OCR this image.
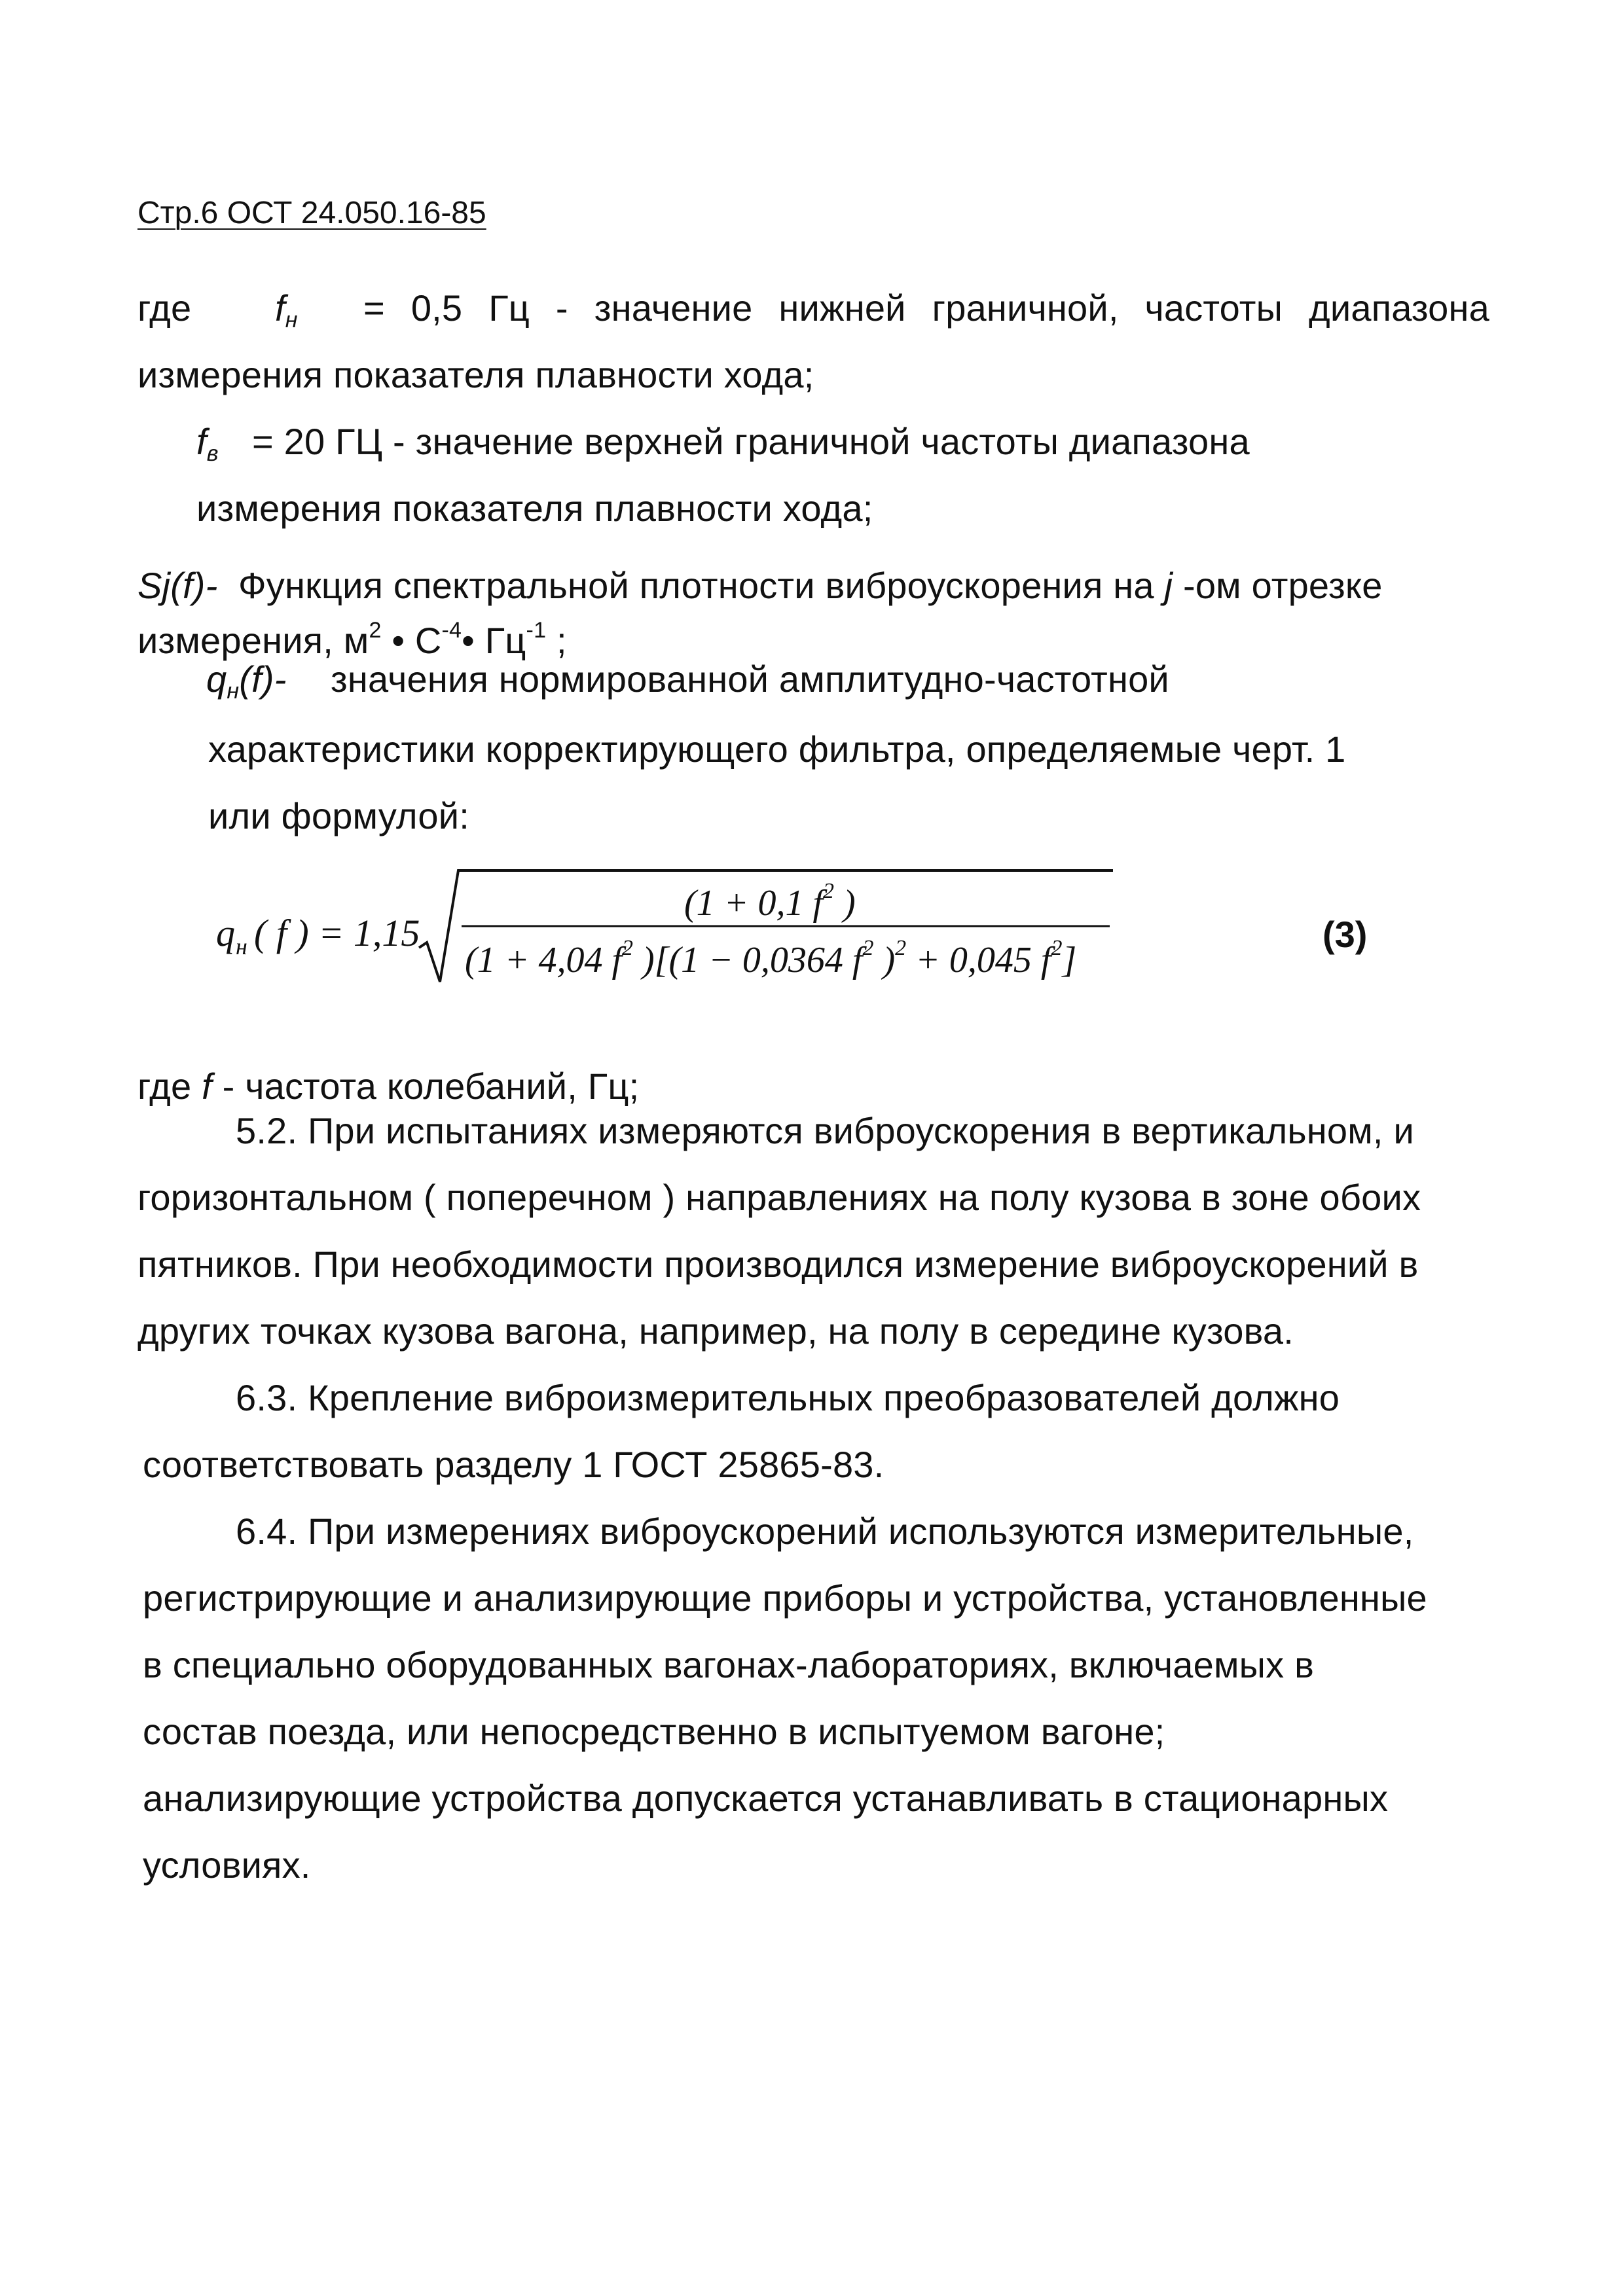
Стр.6 ОСТ 24.050.16-85
где $f_н = 0,5$ Гц - значение нижней граничной, частоты диапазона
измерения показателя плавности хода;
$f_в = 20$ ГЦ - значение верхней граничной частоты диапазона
измерения показателя плавности хода;
Sj(f)- Функция спектральной плотности виброускорения на j -ом отрезке
измерения, $м^2$ • $С^{-4}•$ $Гц^{-1}$ ;
$q_н(f)-$ значения нормированной амплитудно-частотной
характеристики корректирующего фильтра, определяемые черт. 1
или формулой:
q н ( f ) = 1,15
(1 + 0,1 $f^2$ )
(1 + 4,04 $f^2$ )[(1 − 0,0364 $f^2$ )$^2$ + 0,045 $f^2$]
(3)
где f - частота колебаний, Гц;
5.2. При испытаниях измеряются виброускорения в вертикальном, и
горизонтальном ( поперечном ) направлениях на полу кузова в зоне обоих
пятников. При необходимости производился измерение виброускорений в
других точках кузова вагона, например, на полу в середине кузова.
6.3. Крепление виброизмерительных преобразователей должно
соответствовать разделу 1 ГОСТ 25865-83.
6.4. При измерениях виброускорений используются измерительные,
регистрирующие и анализирующие приборы и устройства, установленные
в специально оборудованных вагонах-лабораториях, включаемых в
состав поезда, или непосредственно в испытуемом вагоне;
анализирующие устройства допускается устанавливать в стационарных
условиях.
